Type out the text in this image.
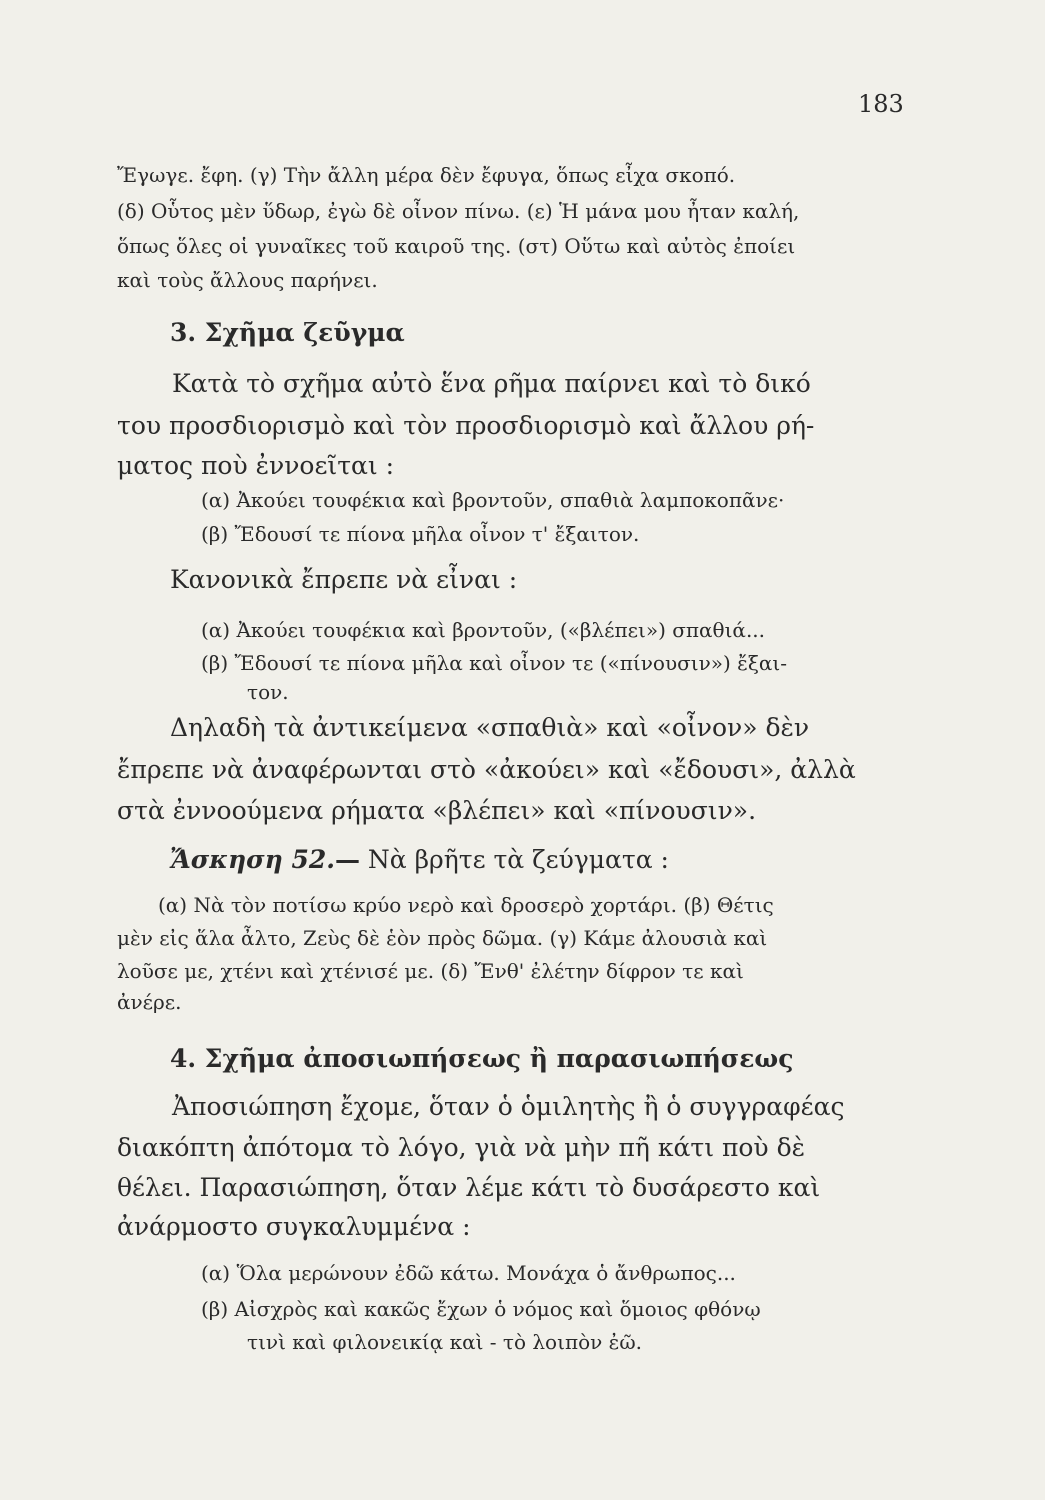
183

Ἔγωγε. ἔφη. (γ) Τὴν ἄλλη μέρα δὲν ἔφυγα, ὅπως εἶχα σκοπό.

(δ) Οὗτος μὲν ὕδωρ, ἐγὼ δὲ οἶνον πίνω. (ε) Ἡ μάνα μου ἦταν καλή,

ὅπως ὅλες οἱ γυναῖκες τοῦ καιροῦ της. (στ) Οὕτω καὶ αὐτὸς ἐποίει

καὶ τοὺς ἄλλους παρήνει.

3. Σχῆμα ζεῦγμα

Κατὰ τὸ σχῆμα αὐτὸ ἕνα ρῆμα παίρνει καὶ τὸ δικό

του προσδιορισμὸ καὶ τὸν προσδιορισμὸ καὶ ἄλλου ρή-

ματος ποὺ ἐννοεῖται :

(α) Ἀκούει τουφέκια καὶ βροντοῦν, σπαθιὰ λαμποκοπᾶνε·

(β) Ἔδουσί τε πίονα μῆλα οἶνον τ' ἔξαιτον.

Κανονικὰ ἔπρεπε νὰ εἶναι :

(α) Ἀκούει τουφέκια καὶ βροντοῦν, («βλέπει») σπαθιά...

(β) Ἔδουσί τε πίονα μῆλα καὶ οἶνον τε («πίνουσιν») ἔξαι-

τον.

Δηλαδὴ τὰ ἀντικείμενα «σπαθιὰ» καὶ «οἶνον» δὲν

ἔπρεπε νὰ ἀναφέρωνται στὸ «ἀκούει» καὶ «ἔδουσι», ἀλλὰ

στὰ ἐννοούμενα ρήματα «βλέπει» καὶ «πίνουσιν».

Ἄσκηση 52.— Νὰ βρῆτε τὰ ζεύγματα :

(α) Νὰ τὸν ποτίσω κρύο νερὸ καὶ δροσερὸ χορτάρι. (β) Θέτις

μὲν εἰς ἅλα ἆλτο, Ζεὺς δὲ ἑὸν πρὸς δῶμα. (γ) Κάμε ἀλουσιὰ καὶ

λοῦσε με, χτένι καὶ χτένισέ με. (δ) Ἔνθ' ἐλέτην δίφρον τε καὶ

ἀνέρε.

4. Σχῆμα ἀποσιωπήσεως ἢ παρασιωπήσεως

Ἀποσιώπηση ἔχομε, ὅταν ὁ ὁμιλητὴς ἢ ὁ συγγραφέας

διακόπτη ἀπότομα τὸ λόγο, γιὰ νὰ μὴν πῆ κάτι ποὺ δὲ

θέλει. Παρασιώπηση, ὅταν λέμε κάτι τὸ δυσάρεστο καὶ

ἀνάρμοστο συγκαλυμμένα :

(α) Ὅλα μερώνουν ἐδῶ κάτω. Μονάχα ὁ ἄνθρωπος...

(β) Αἰσχρὸς καὶ κακῶς ἔχων ὁ νόμος καὶ ὅμοιος φθόνῳ

τινὶ καὶ φιλονεικίᾳ καὶ - τὸ λοιπὸν ἐῶ.
